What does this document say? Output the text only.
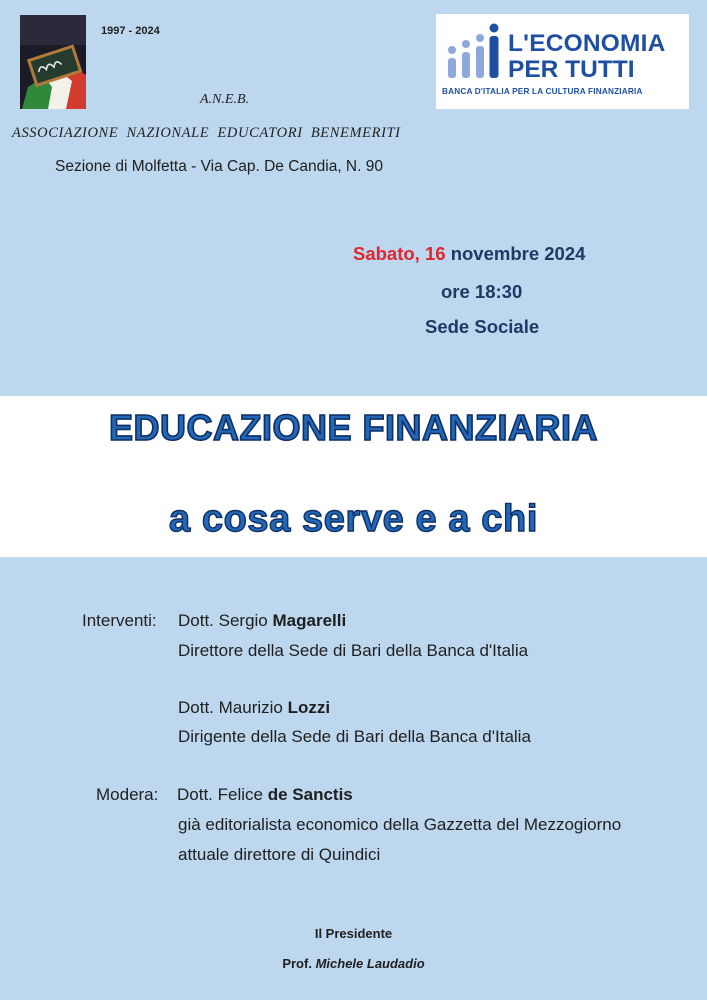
1997 - 2024
A.N.E.B.
ASSOCIAZIONE NAZIONALE EDUCATORI BENEMERITI
Sezione di Molfetta - Via Cap. De Candia, N. 90
L'ECONOMIA
PER TUTTI
BANCA D'ITALIA PER LA CULTURA FINANZIARIA
Sabato, 16 novembre 2024
ore 18:30
Sede Sociale
EDUCAZIONE FINANZIARIA
a cosa serve e a chi
Interventi: Dott. Sergio Magarelli
Direttore della Sede di Bari della Banca d'Italia
Dott. Maurizio Lozzi
Dirigente della Sede di Bari della Banca d'Italia
Modera: Dott. Felice de Sanctis
già editorialista economico della Gazzetta del Mezzogiorno
attuale direttore di Quindici
Il Presidente
Prof. Michele Laudadio
